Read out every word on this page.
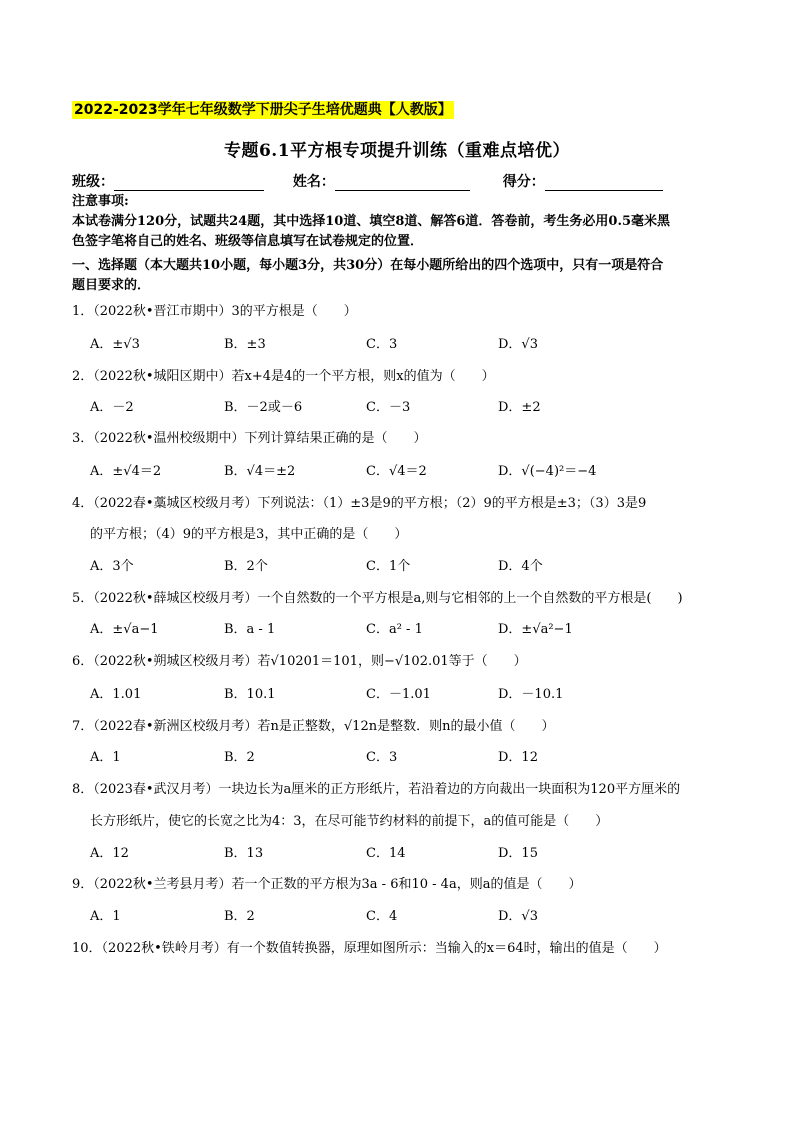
2022-2023学年七年级数学下册尖子生培优题典【人教版】
专题6.1平方根专项提升训练（重难点培优）
班级：	姓名：	得分：
注意事项:
本试卷满分120分，试题共24题，其中选择10道、填空8道、解答6道．答卷前，考生务必用0.5毫米黑
色签字笔将自己的姓名、班级等信息填写在试卷规定的位置．
一、选择题（本大题共10小题，每小题3分，共30分）在每小题所给出的四个选项中，只有一项是符合
题目要求的．
1．（2022秋•晋江市期中）3的平方根是（　　）
A．±√3	B．±3	C．3	D．√3
2．（2022秋•城阳区期中）若x+4是4的一个平方根，则x的值为（　　）
A．－2	B．－2或－6	C．－3	D．±2
3．（2022秋•温州校级期中）下列计算结果正确的是（　　）
A．±√4＝2	B．√4＝±2	C．√4＝2	D．√(−4)²＝−4
4．（2022春•藁城区校级月考）下列说法：（1）±3是9的平方根；（2）9的平方根是±3；（3）3是9
的平方根；（4）9的平方根是3，其中正确的是（　　）
A．3个	B．2个	C．1个	D．4个
5．（2022秋•薛城区校级月考）一个自然数的一个平方根是a,则与它相邻的上一个自然数的平方根是(　　)
A．±√a−1	B．a - 1	C．a² - 1	D．±√a²−1
6．（2022秋•朔城区校级月考）若√10201＝101，则−√102.01等于（　　）
A．1.01	B．10.1	C．－1.01	D．－10.1
7．（2022春•新洲区校级月考）若n是正整数，√12n是整数．则n的最小值（　　）
A．1	B．2	C．3	D．12
8．（2023春•武汉月考）一块边长为a厘米的正方形纸片，若沿着边的方向裁出一块面积为120平方厘米的
长方形纸片，使它的长宽之比为4：3，在尽可能节约材料的前提下，a的值可能是（　　）
A．12	B．13	C．14	D．15
9．（2022秋•兰考县月考）若一个正数的平方根为3a - 6和10 - 4a，则a的值是（　　）
A．1	B．2	C．4	D．√3
10．（2022秋•铁岭月考）有一个数值转换器，原理如图所示：当输入的x＝64时，输出的值是（　　）
